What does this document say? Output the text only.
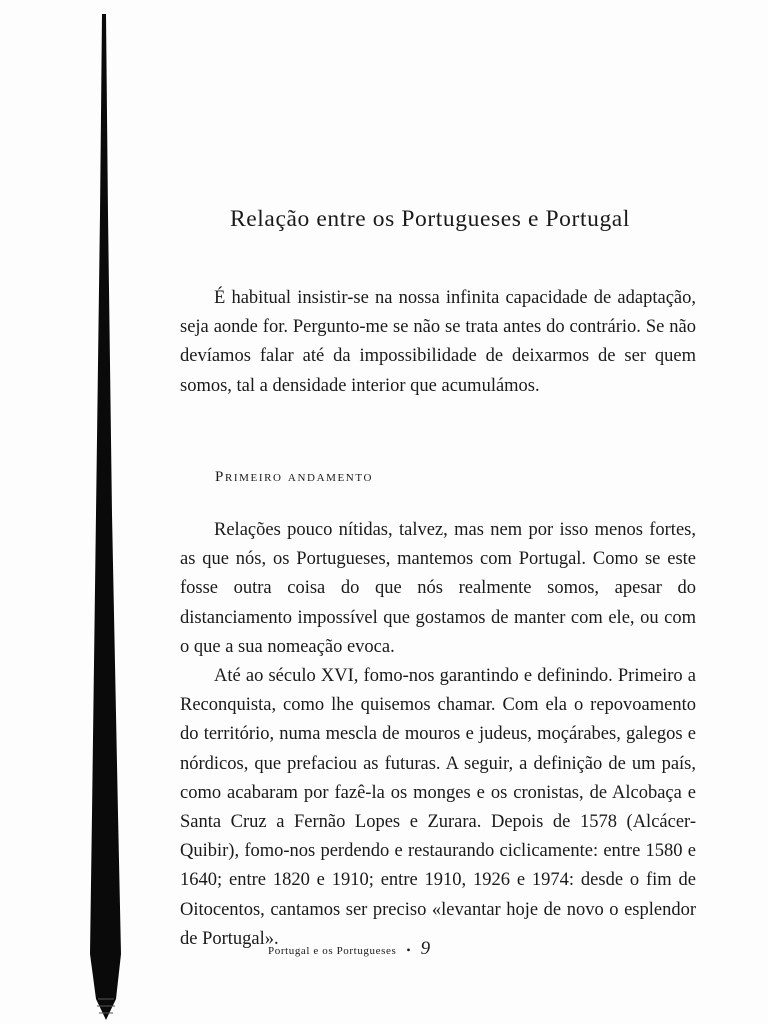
Relação entre os Portugueses e Portugal

É habitual insistir-se na nossa infinita capacidade de adaptação, seja aonde for. Pergunto-me se não se trata antes do contrário. Se não devíamos falar até da impossibilidade de deixarmos de ser quem somos, tal a densidade interior que acumulámos.

Primeiro andamento

Relações pouco nítidas, talvez, mas nem por isso menos fortes, as que nós, os Portugueses, mantemos com Portugal. Como se este fosse outra coisa do que nós realmente somos, apesar do distanciamento impossível que gostamos de manter com ele, ou com o que a sua nomeação evoca.

Até ao século XVI, fomo-nos garantindo e definindo. Primeiro a Reconquista, como lhe quisemos chamar. Com ela o repovoamento do território, numa mescla de mouros e judeus, moçárabes, galegos e nórdicos, que prefaciou as futuras. A seguir, a definição de um país, como acabaram por fazê-la os monges e os cronistas, de Alcobaça e Santa Cruz a Fernão Lopes e Zurara. Depois de 1578 (Alcácer-Quibir), fomo-nos perdendo e restaurando ciclicamente: entre 1580 e 1640; entre 1820 e 1910; entre 1910, 1926 e 1974: desde o fim de Oitocentos, cantamos ser preciso «levantar hoje de novo o esplendor de Portugal».

Portugal e os Portugueses • 9
